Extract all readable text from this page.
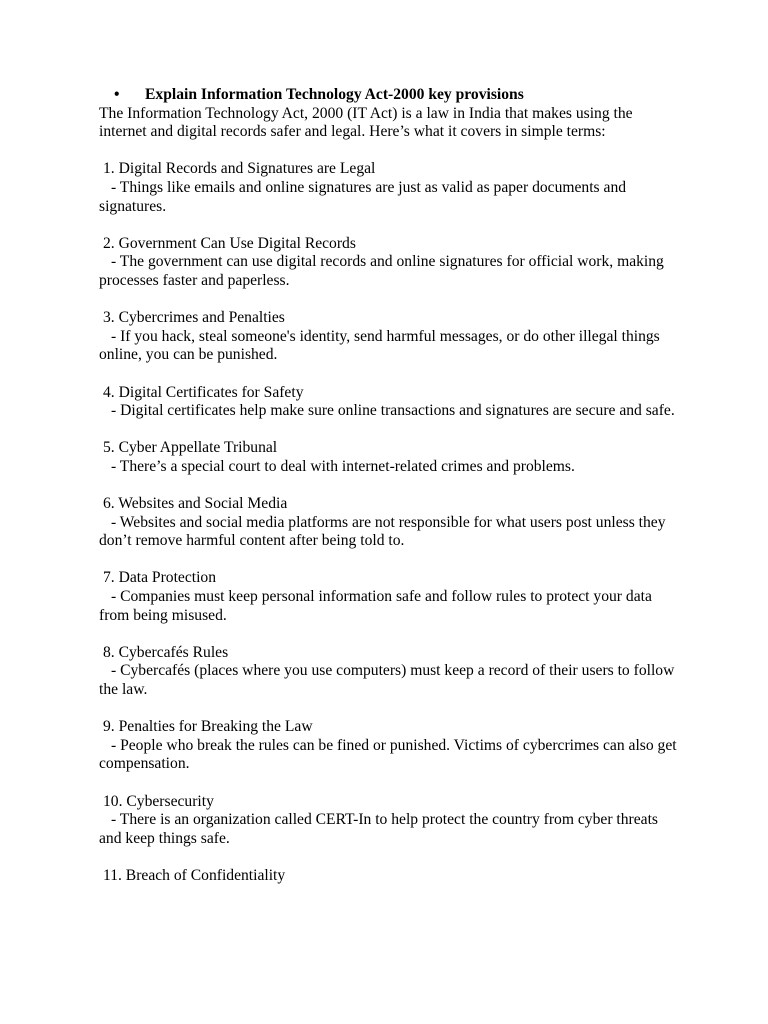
•	Explain Information Technology Act-2000 key provisions

The Information Technology Act, 2000 (IT Act) is a law in India that makes using the internet and digital records safer and legal. Here’s what it covers in simple terms:

1. Digital Records and Signatures are Legal
- Things like emails and online signatures are just as valid as paper documents and signatures.
2. Government Can Use Digital Records
- The government can use digital records and online signatures for official work, making processes faster and paperless.
3. Cybercrimes and Penalties
- If you hack, steal someone's identity, send harmful messages, or do other illegal things online, you can be punished.
4. Digital Certificates for Safety
- Digital certificates help make sure online transactions and signatures are secure and safe.
5. Cyber Appellate Tribunal
- There’s a special court to deal with internet-related crimes and problems.
6. Websites and Social Media
- Websites and social media platforms are not responsible for what users post unless they don’t remove harmful content after being told to.
7. Data Protection
- Companies must keep personal information safe and follow rules to protect your data from being misused.
8. Cybercafés Rules
- Cybercafés (places where you use computers) must keep a record of their users to follow the law.
9. Penalties for Breaking the Law
- People who break the rules can be fined or punished. Victims of cybercrimes can also get compensation.
10. Cybersecurity
- There is an organization called CERT-In to help protect the country from cyber threats and keep things safe.
11. Breach of Confidentiality
